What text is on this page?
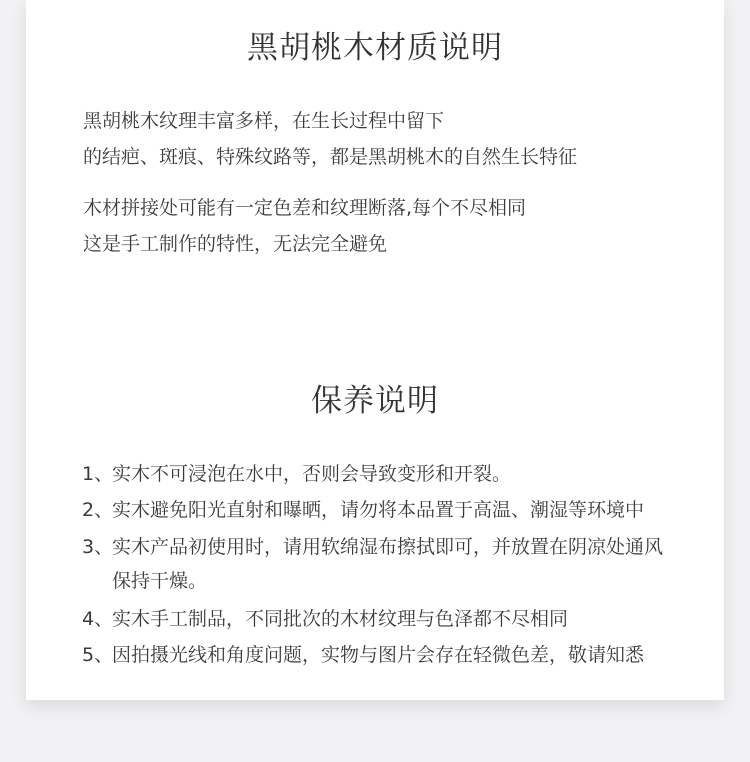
黑胡桃木材质说明
黑胡桃木纹理丰富多样，在生长过程中留下
的结疤、斑痕、特殊纹路等，都是黑胡桃木的自然生长特征
木材拼接处可能有一定色差和纹理断落,每个不尽相同
这是手工制作的特性，无法完全避免
保养说明
1、实木不可浸泡在水中，否则会导致变形和开裂。
2、实木避免阳光直射和曝晒，请勿将本品置于高温、潮湿等环境中
3、实木产品初使用时，请用软绵湿布擦拭即可，并放置在阴凉处通风
保持干燥。
4、实木手工制品，不同批次的木材纹理与色泽都不尽相同
5、因拍摄光线和角度问题，实物与图片会存在轻微色差，敬请知悉
